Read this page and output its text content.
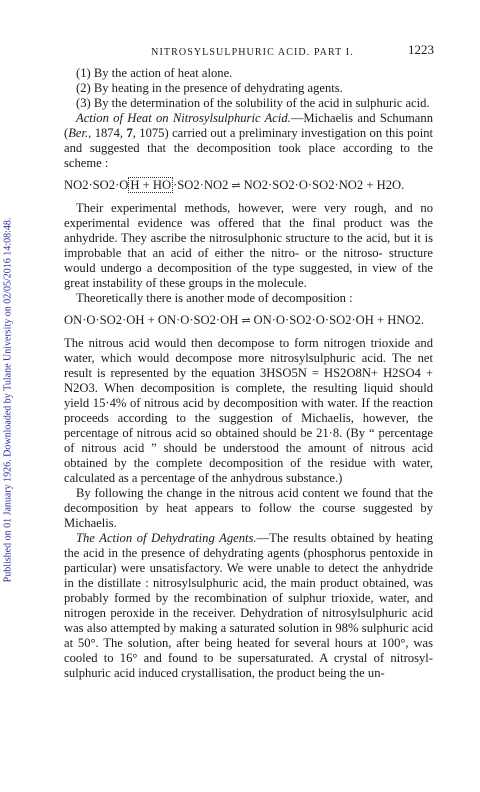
Published on 01 January 1926. Downloaded by Tulane University on 02/05/2016 14:08:48.
NITROSYLSULPHURIC ACID. PART I.	1223

(1) By the action of heat alone.

(2) By heating in the presence of dehydrating agents.

(3) By the determination of the solubility of the acid in sulphuric acid.

Action of Heat on Nitrosylsulphuric Acid.—Michaelis and Schumann (Ber., 1874, 7, 1075) carried out a preliminary investigation on this point and suggested that the decomposition took place according to the scheme :

NO2·SO2·O H + HO ·SO2·NO2 ⇌ NO2·SO2·O·SO2·NO2 + H2O.

Their experimental methods, however, were very rough, and no experimental evidence was offered that the final product was the anhydride. They ascribe the nitrosulphonic structure to the acid, but it is improbable that an acid of either the nitro- or the nitroso- structure would undergo a decomposition of the type suggested, in view of the great instability of these groups in the molecule.

Theoretically there is another mode of decomposition :

ON·O·SO2·OH + ON·O·SO2·OH ⇌ ON·O·SO2·O·SO2·OH + HNO2.

The nitrous acid would then decompose to form nitrogen trioxide and water, which would decompose more nitrosylsulphuric acid. The net result is represented by the equation 3HSO5N = HS2O8N+ H2SO4 + N2O3. When decomposition is complete, the resulting liquid should yield 15·4% of nitrous acid by decomposition with water. If the reaction proceeds according to the suggestion of Michaelis, however, the percentage of nitrous acid so obtained should be 21·8. (By “ percentage of nitrous acid ” should be understood the amount of nitrous acid obtained by the complete decomposition of the residue with water, calculated as a percentage of the anhydrous substance.)

By following the change in the nitrous acid content we found that the decomposition by heat appears to follow the course suggested by Michaelis.

The Action of Dehydrating Agents.—The results obtained by heating the acid in the presence of dehydrating agents (phosphorus pentoxide in particular) were unsatisfactory. We were unable to detect the anhydride in the distillate : nitrosylsulphuric acid, the main product obtained, was probably formed by the recombination of sulphur trioxide, water, and nitrogen peroxide in the receiver. Dehydration of nitrosylsulphuric acid was also attempted by making a saturated solution in 98% sulphuric acid at 50°. The solution, after being heated for several hours at 100°, was cooled to 16° and found to be supersaturated. A crystal of nitrosyl- sulphuric acid induced crystallisation, the product being the un-
